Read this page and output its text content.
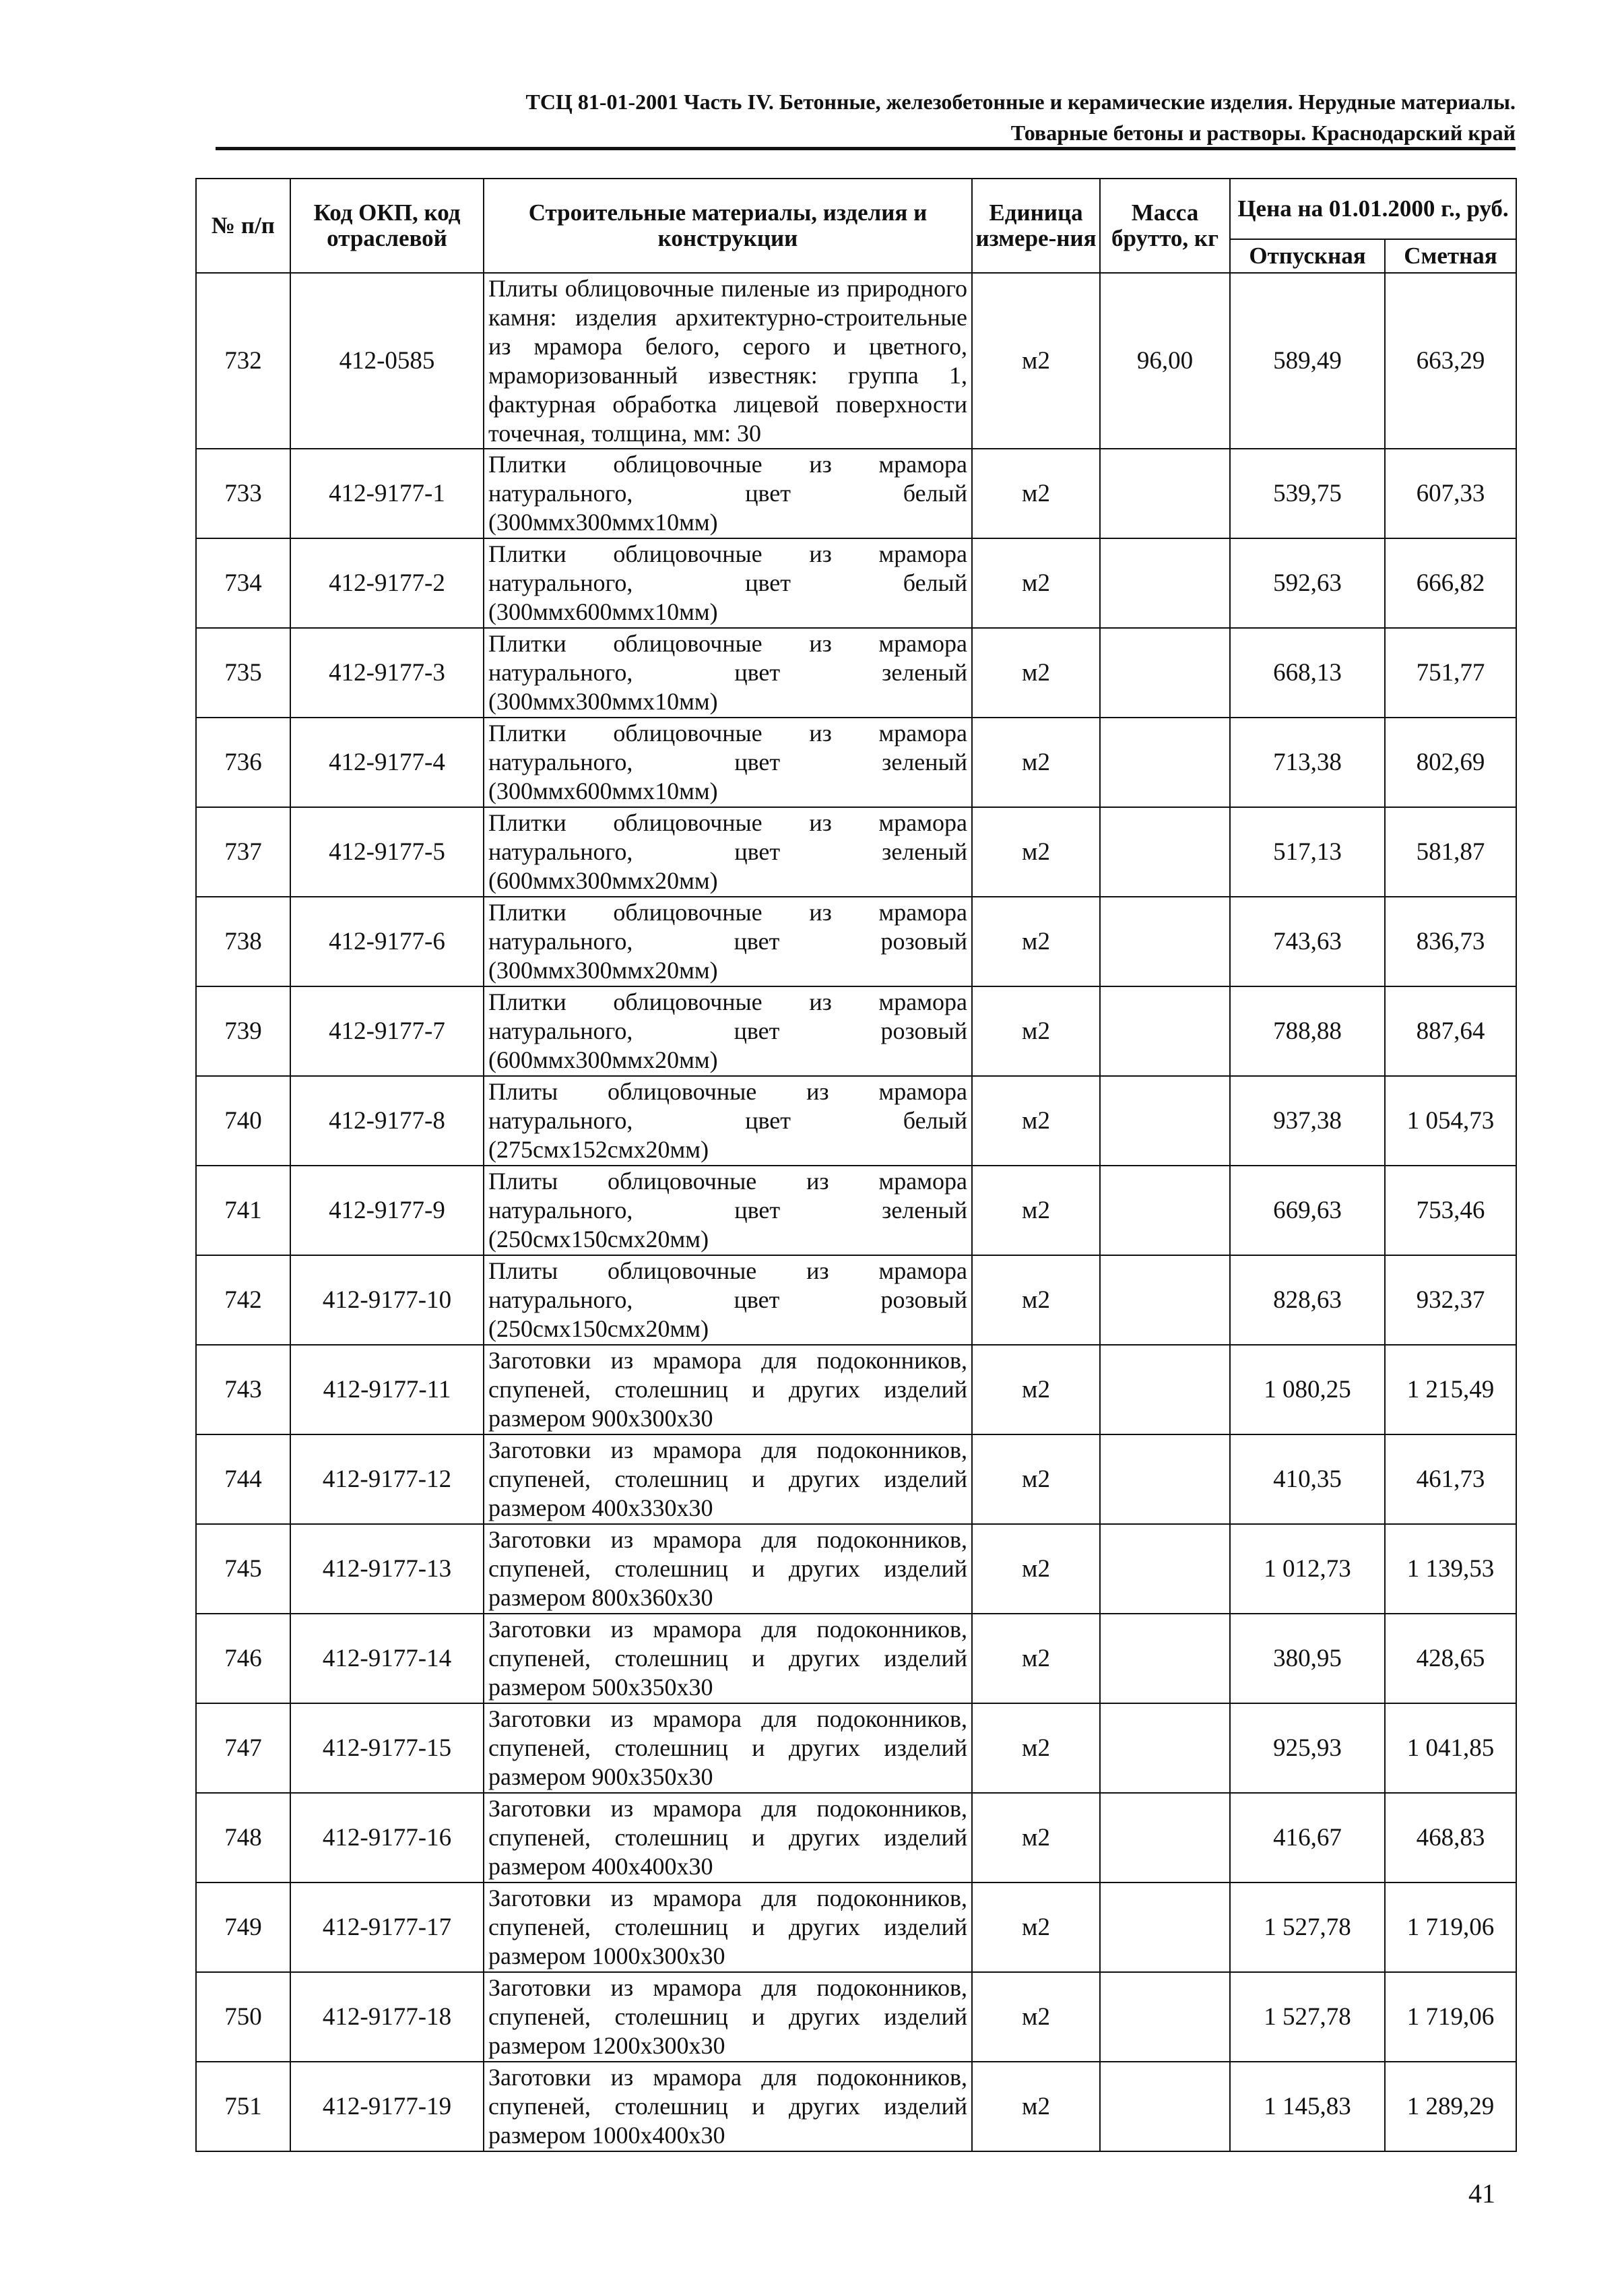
ТСЦ 81-01-2001 Часть IV. Бетонные, железобетонные и керамические изделия. Нерудные материалы.
Товарные бетоны и растворы. Краснодарский край
№ п/п	Код ОКП, код отраслевой	Строительные материалы, изделия и конструкции	Единица измере-ния	Масса брутто, кг	Цена на 01.01.2000 г., руб.	
					Отпускная	Сметная
732	412-0585	Плиты облицовочные пиленые из природного камня: изделия архитектурно-строительные из мрамора белого, серого и цветного, мраморизованный известняк: группа 1, фактурная обработка лицевой поверхности точечная, толщина, мм: 30	м2	96,00	589,49	663,29
733	412-9177-1	Плитки облицовочные из мрамора натурального, цвет белый (300ммх300ммх10мм)	м2		539,75	607,33
734	412-9177-2	Плитки облицовочные из мрамора натурального, цвет белый (300ммх600ммх10мм)	м2		592,63	666,82
735	412-9177-3	Плитки облицовочные из мрамора натурального, цвет зеленый (300ммх300ммх10мм)	м2		668,13	751,77
736	412-9177-4	Плитки облицовочные из мрамора натурального, цвет зеленый (300ммх600ммх10мм)	м2		713,38	802,69
737	412-9177-5	Плитки облицовочные из мрамора натурального, цвет зеленый (600ммх300ммх20мм)	м2		517,13	581,87
738	412-9177-6	Плитки облицовочные из мрамора натурального, цвет розовый (300ммх300ммх20мм)	м2		743,63	836,73
739	412-9177-7	Плитки облицовочные из мрамора натурального, цвет розовый (600ммх300ммх20мм)	м2		788,88	887,64
740	412-9177-8	Плиты облицовочные из мрамора натурального, цвет белый (275смх152смх20мм)	м2		937,38	1 054,73
741	412-9177-9	Плиты облицовочные из мрамора натурального, цвет зеленый (250смх150смх20мм)	м2		669,63	753,46
742	412-9177-10	Плиты облицовочные из мрамора натурального, цвет розовый (250смх150смх20мм)	м2		828,63	932,37
743	412-9177-11	Заготовки из мрамора для подоконников, спупеней, столешниц и других изделий размером 900х300х30	м2		1 080,25	1 215,49
744	412-9177-12	Заготовки из мрамора для подоконников, спупеней, столешниц и других изделий размером 400х330х30	м2		410,35	461,73
745	412-9177-13	Заготовки из мрамора для подоконников, спупеней, столешниц и других изделий размером 800х360х30	м2		1 012,73	1 139,53
746	412-9177-14	Заготовки из мрамора для подоконников, спупеней, столешниц и других изделий размером 500х350х30	м2		380,95	428,65
747	412-9177-15	Заготовки из мрамора для подоконников, спупеней, столешниц и других изделий размером 900х350х30	м2		925,93	1 041,85
748	412-9177-16	Заготовки из мрамора для подоконников, спупеней, столешниц и других изделий размером 400х400х30	м2		416,67	468,83
749	412-9177-17	Заготовки из мрамора для подоконников, спупеней, столешниц и других изделий размером 1000х300х30	м2		1 527,78	1 719,06
750	412-9177-18	Заготовки из мрамора для подоконников, спупеней, столешниц и других изделий размером 1200х300х30	м2		1 527,78	1 719,06
751	412-9177-19	Заготовки из мрамора для подоконников, спупеней, столешниц и других изделий размером 1000х400х30	м2		1 145,83	1 289,29
41
